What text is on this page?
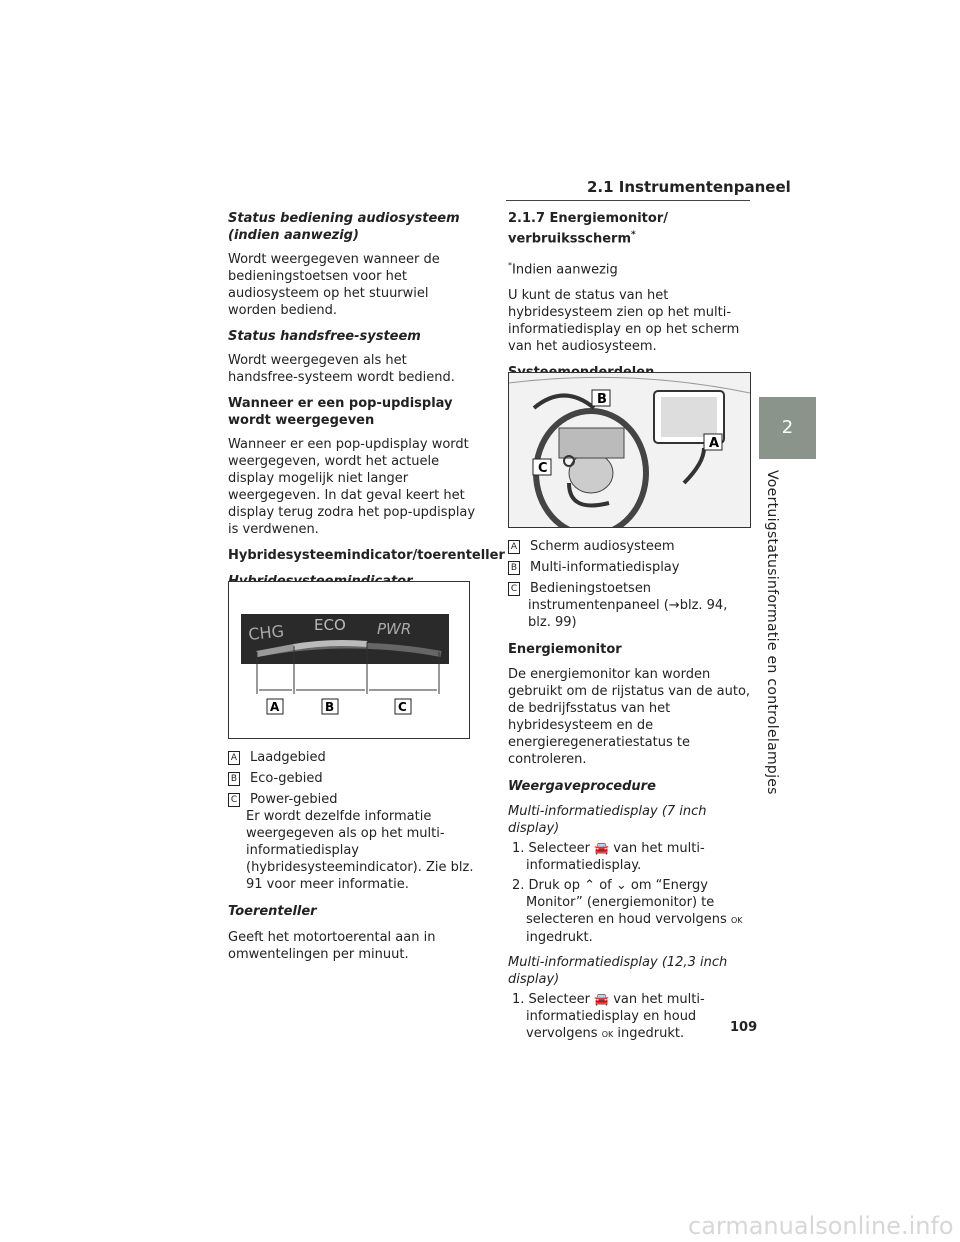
2.1 Instrumentenpaneel
2
Voertuigstatusinformatie en controlelampjes

Status bediening audiosysteem (indien aanwezig)

Wordt weergegeven wanneer de bedieningstoetsen voor het audiosysteem op het stuurwiel worden bediend.

Status handsfree-systeem

Wordt weergegeven als het handsfree-systeem wordt bediend.

Wanneer er een pop-updisplay wordt weergegeven

Wanneer er een pop-updisplay wordt weergegeven, wordt het actuele display mogelijk niet langer weergegeven. In dat geval keert het display terug zodra het pop-updisplay is verdwenen.

Hybridesysteemindicator/toerenteller

CHG ECO PWR
A	B	C

A Laadgebied

B Eco-gebied

C Power-gebied

Er wordt dezelfde informatie weergegeven als op het multi-informatiedisplay (hybridesysteemindicator). Zie blz. 91 voor meer informatie.

Toerenteller

Geeft het motortoerental aan in omwentelingen per minuut.

2.1.7 Energiemonitor/ verbruiksscherm*

*Indien aanwezig

U kunt de status van het hybridesysteem zien op het multi-informatiedisplay en op het scherm van het audiosysteem.

B
A
C

A Scherm audiosysteem

B Multi-informatiedisplay

C Bedieningstoetsen instrumentenpaneel (→blz. 94, blz. 99)

Energiemonitor

De energiemonitor kan worden gebruikt om de rijstatus van de auto, de bedrijfsstatus van het hybridesysteem en de energieregeneratiestatus te controleren.

Weergaveprocedure

Multi-informatiedisplay (7 inch display)

1. Selecteer 🚘 van het multi-informatiedisplay.

2. Druk op ⌃ of ⌄ om “Energy Monitor” (energiemonitor) te selecteren en houd vervolgens OK ingedrukt.

Multi-informatiedisplay (12,3 inch display)

1. Selecteer 🚘 van het multi-informatiedisplay en houd vervolgens OK ingedrukt.	109
carmanualsonline.info
